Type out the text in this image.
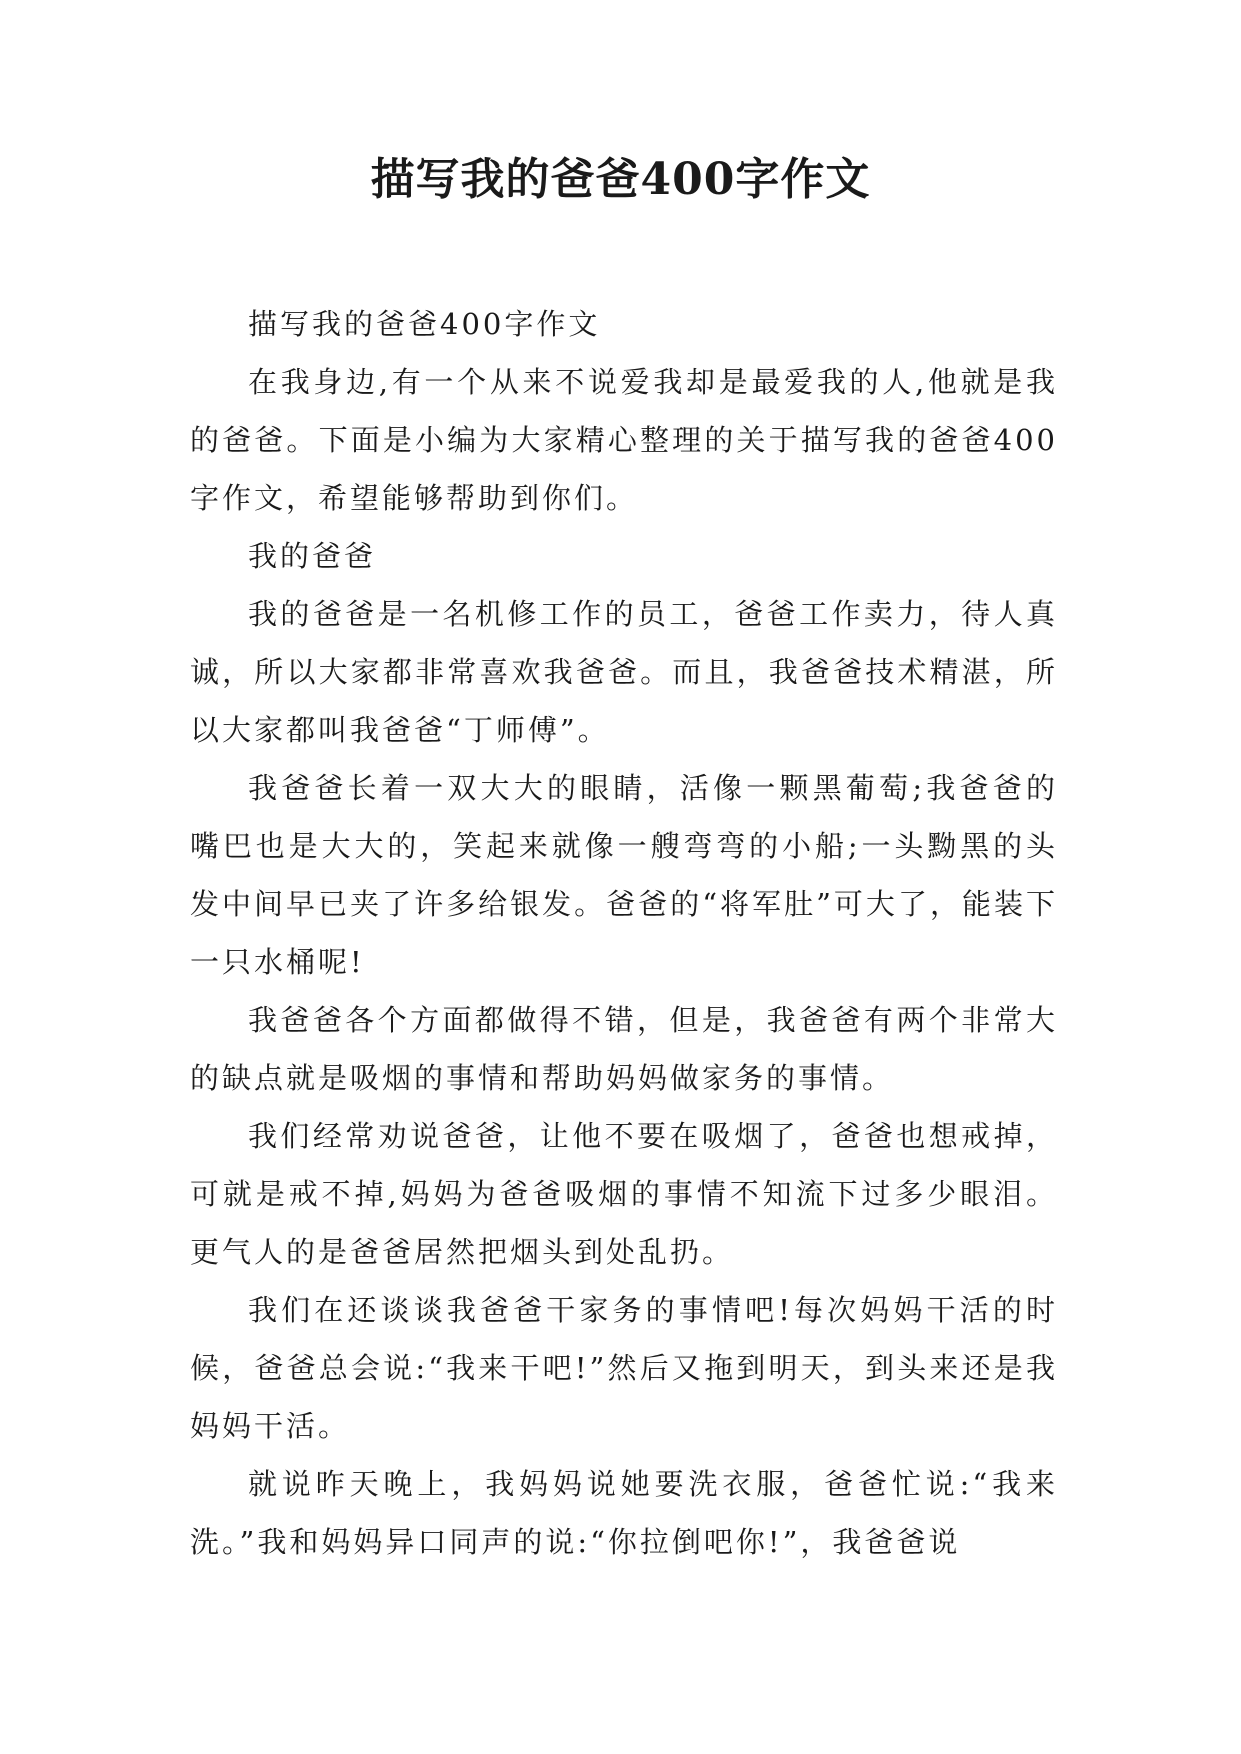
描写我的爸爸400字作文

描写我的爸爸400字作文

在我身边,有一个从来不说爱我却是最爱我的人,他就是我的爸爸。下面是小编为大家精心整理的关于描写我的爸爸400字作文，希望能够帮助到你们。

我的爸爸

我的爸爸是一名机修工作的员工，爸爸工作卖力，待人真诚，所以大家都非常喜欢我爸爸。而且，我爸爸技术精湛，所以大家都叫我爸爸“丁师傅”。

我爸爸长着一双大大的眼睛，活像一颗黑葡萄;我爸爸的嘴巴也是大大的，笑起来就像一艘弯弯的小船;一头黝黑的头发中间早已夹了许多给银发。爸爸的“将军肚”可大了，能装下一只水桶呢!

我爸爸各个方面都做得不错，但是，我爸爸有两个非常大的缺点就是吸烟的事情和帮助妈妈做家务的事情。

我们经常劝说爸爸，让他不要在吸烟了，爸爸也想戒掉，可就是戒不掉,妈妈为爸爸吸烟的事情不知流下过多少眼泪。更气人的是爸爸居然把烟头到处乱扔。

我们在还谈谈我爸爸干家务的事情吧!每次妈妈干活的时候，爸爸总会说:“我来干吧!”然后又拖到明天，到头来还是我妈妈干活。

就说昨天晚上，我妈妈说她要洗衣服，爸爸忙说:“我来洗。”我和妈妈异口同声的说:“你拉倒吧你!”，我爸爸说
